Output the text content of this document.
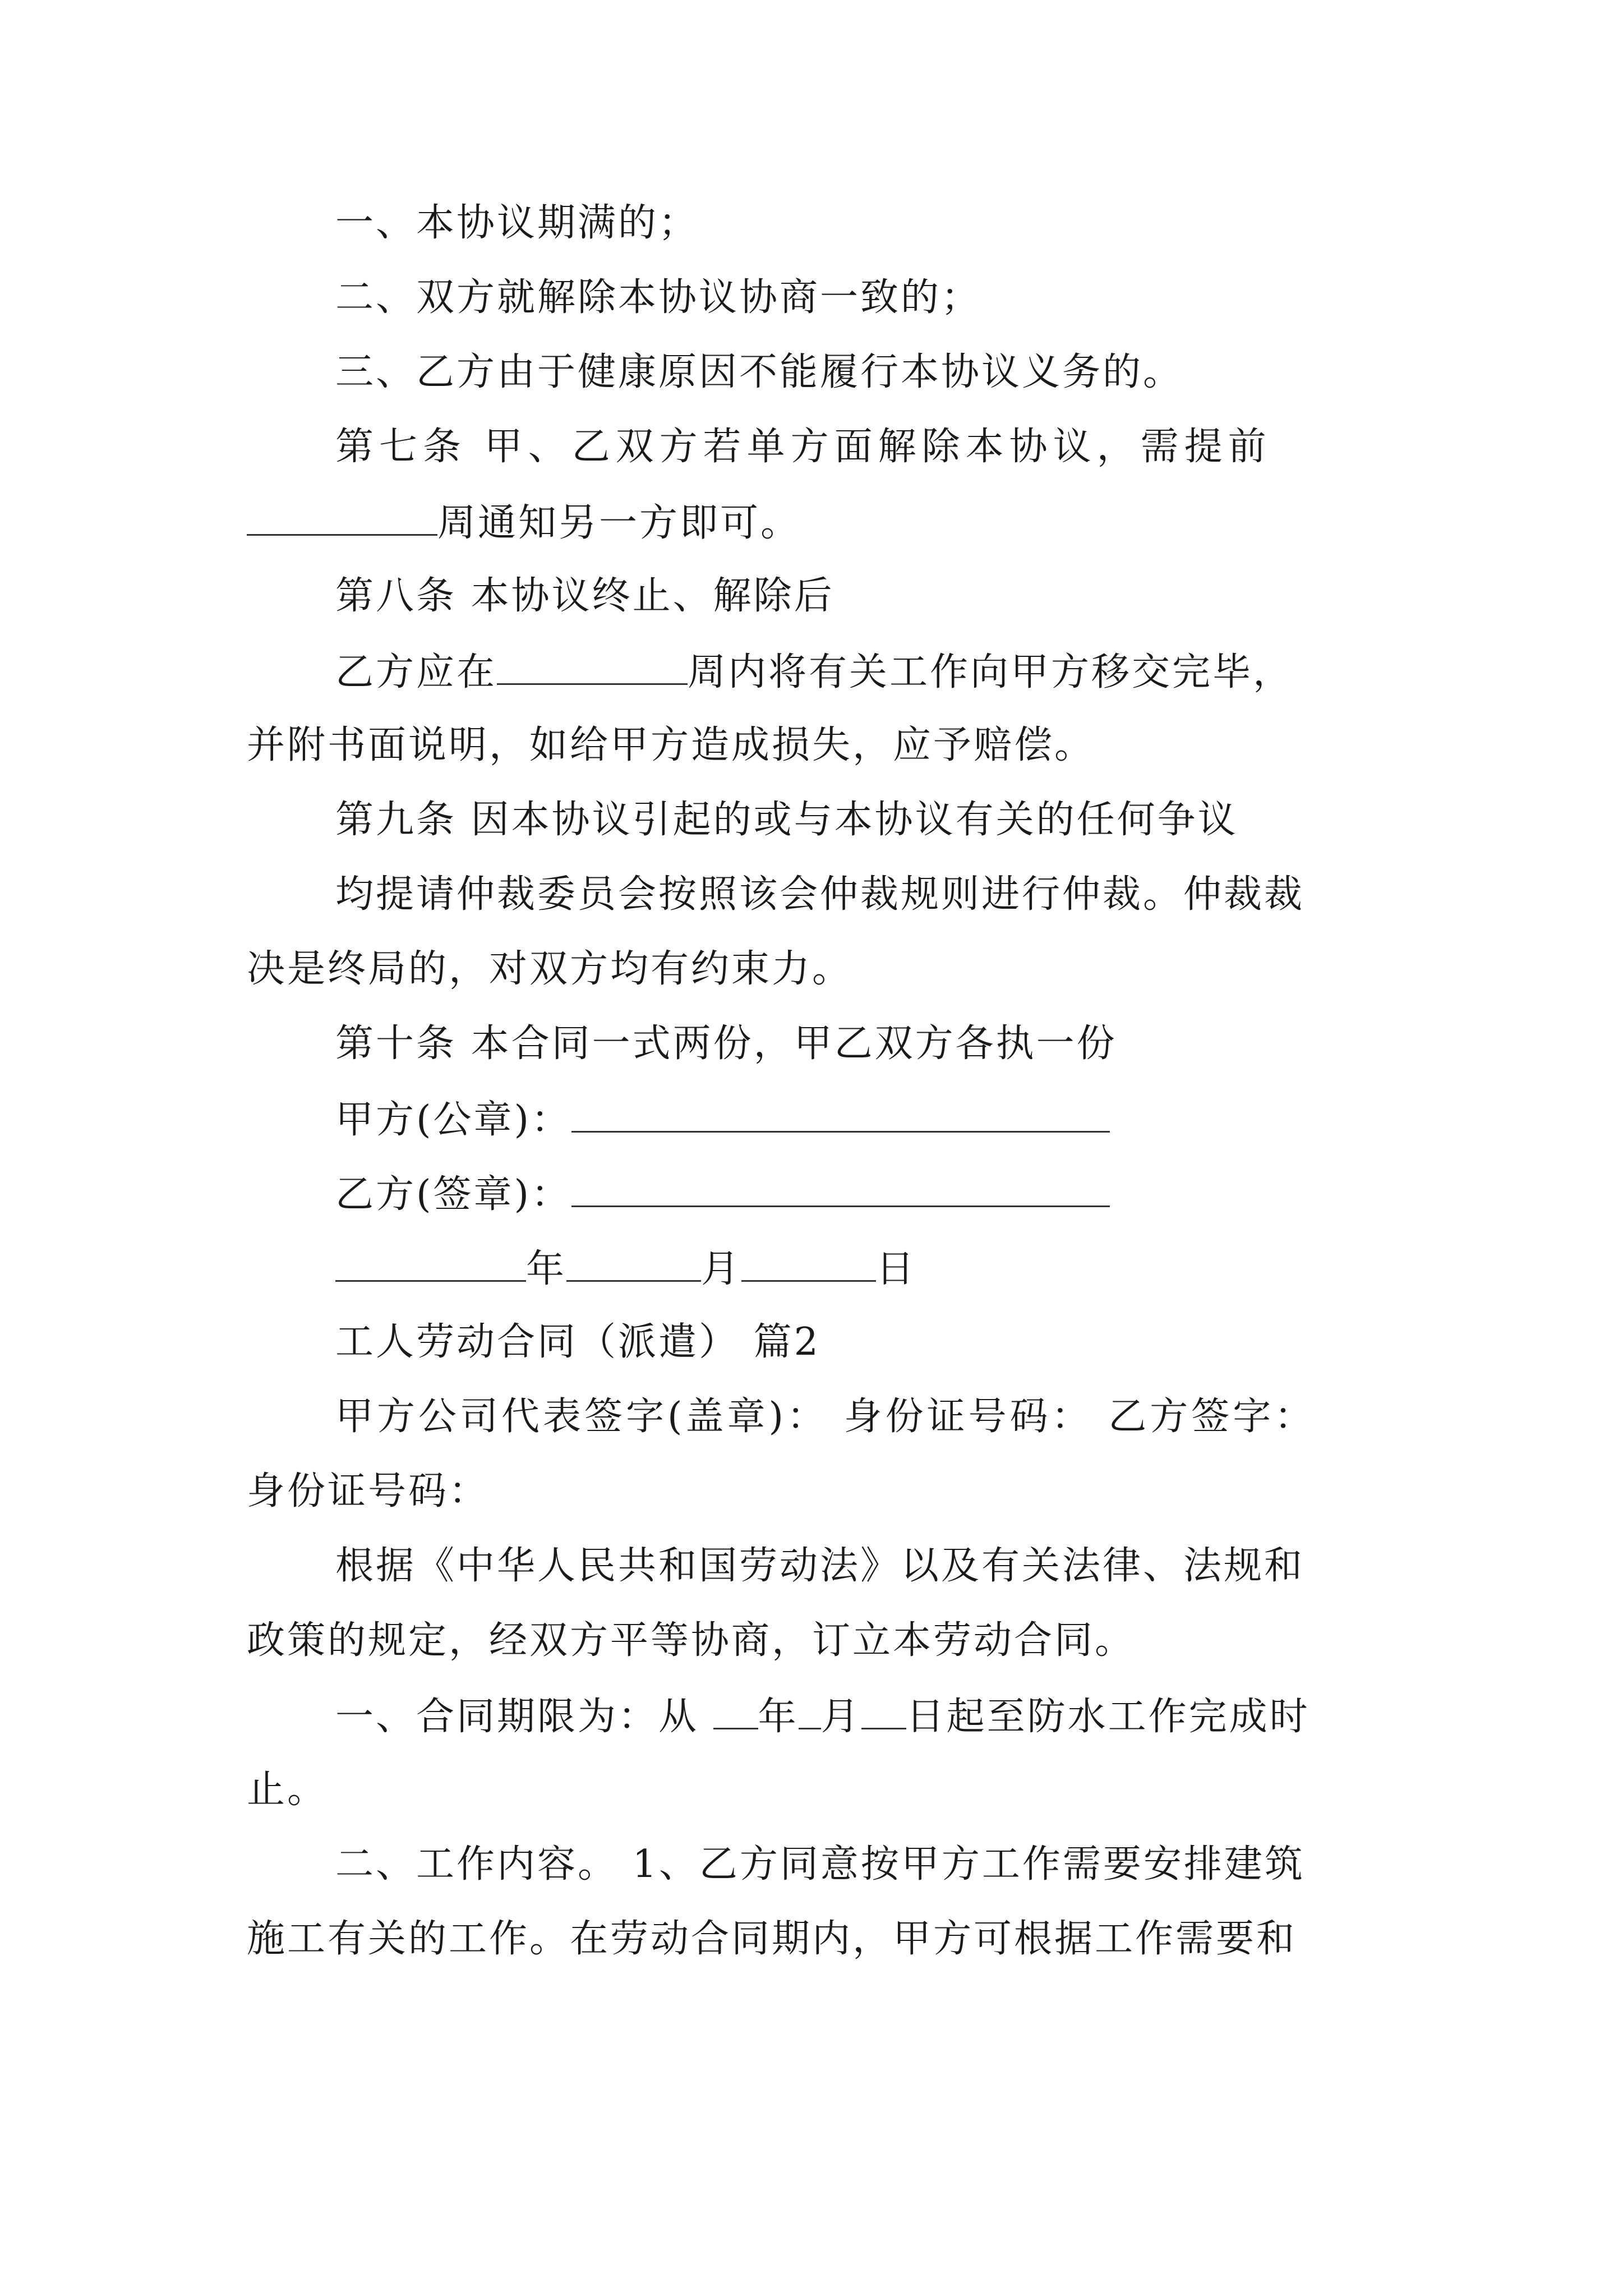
一、本协议期满的；
二、双方就解除本协议协商一致的；
三、乙方由于健康原因不能履行本协议义务的。
第七条 甲、乙双方若单方面解除本协议，需提前
周通知另一方即可。
第八条 本协议终止、解除后
乙方应在	周内将有关工作向甲方移交完毕，
并附书面说明，如给甲方造成损失，应予赔偿。
第九条 因本协议引起的或与本协议有关的任何争议
均提请仲裁委员会按照该会仲裁规则进行仲裁。仲裁裁
决是终局的，对双方均有约束力。
第十条 本合同一式两份，甲乙双方各执一份
甲方(公章)：
乙方(签章)：
年	月	日
工人劳动合同（派遣） 篇2
甲方公司代表签字(盖章)： 身份证号码： 乙方签字：
身份证号码：
根据《中华人民共和国劳动法》以及有关法律、法规和
政策的规定，经双方平等协商，订立本劳动合同。
一、合同期限为：从 年 月 日起至防水工作完成时
止。
二、工作内容。 1、乙方同意按甲方工作需要安排建筑
施工有关的工作。在劳动合同期内，甲方可根据工作需要和
